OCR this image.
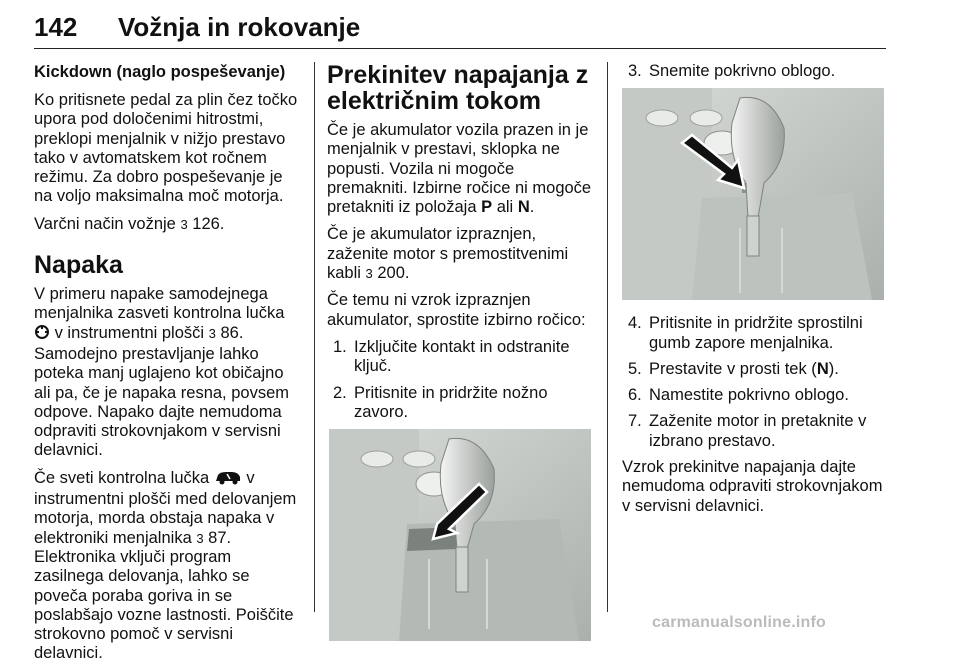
142 Vožnja in rokovanje
Kickdown (naglo pospeševanje)

Ko pritisnete pedal za plin čez točko upora pod določenimi hitrostmi, preklopi menjalnik v nižjo prestavo tako v avtomatskem kot ročnem režimu. Za dobro pospeševanje je na voljo maksimalna moč motorja.

Varčni način vožnje 3 126.

Napaka

V primeru napake samodejnega menjalnika zasveti kontrolna lučka  v instrumentni plošči 3 86. Samodejno prestavljanje lahko poteka manj uglajeno kot običajno ali pa, če je napaka resna, povsem odpove. Napako dajte nemudoma odpraviti strokovnjakom v servisni delavnici.

Če sveti kontrolna lučka v instrumentni plošči med delovanjem motorja, morda obstaja napaka v elektroniki menjalnika 3 87. Elektronika vključi program zasilnega delovanja, lahko se poveča poraba goriva in se poslabšajo vozne lastnosti. Poiščite strokovno pomoč v servisni delavnici.

Prekinitev napajanja z električnim tokom

Če je akumulator vozila prazen in je menjalnik v prestavi, sklopka ne popusti. Vozila ni mogoče premakniti. Izbirne ročice ni mogoče pretakniti iz položaja P ali N.

Če je akumulator izpraznjen, zaženite motor s premostitvenimi kabli 3 200.

Če temu ni vzrok izpraznjen akumulator, sprostite izbirno ročico:

1. Izključite kontakt in odstranite ključ.
2. Pritisnite in pridržite nožno zavoro.
3. Snemite pokrivno oblogo.
4. Pritisnite in pridržite sprostilni gumb zapore menjalnika.
5. Prestavite v prosti tek (N).
6. Namestite pokrivno oblogo.
7. Zaženite motor in pretaknite v izbrano prestavo.

Vzrok prekinitve napajanja dajte nemudoma odpraviti strokovnjakom v servisni delavnici.

carmanualsonline.info
